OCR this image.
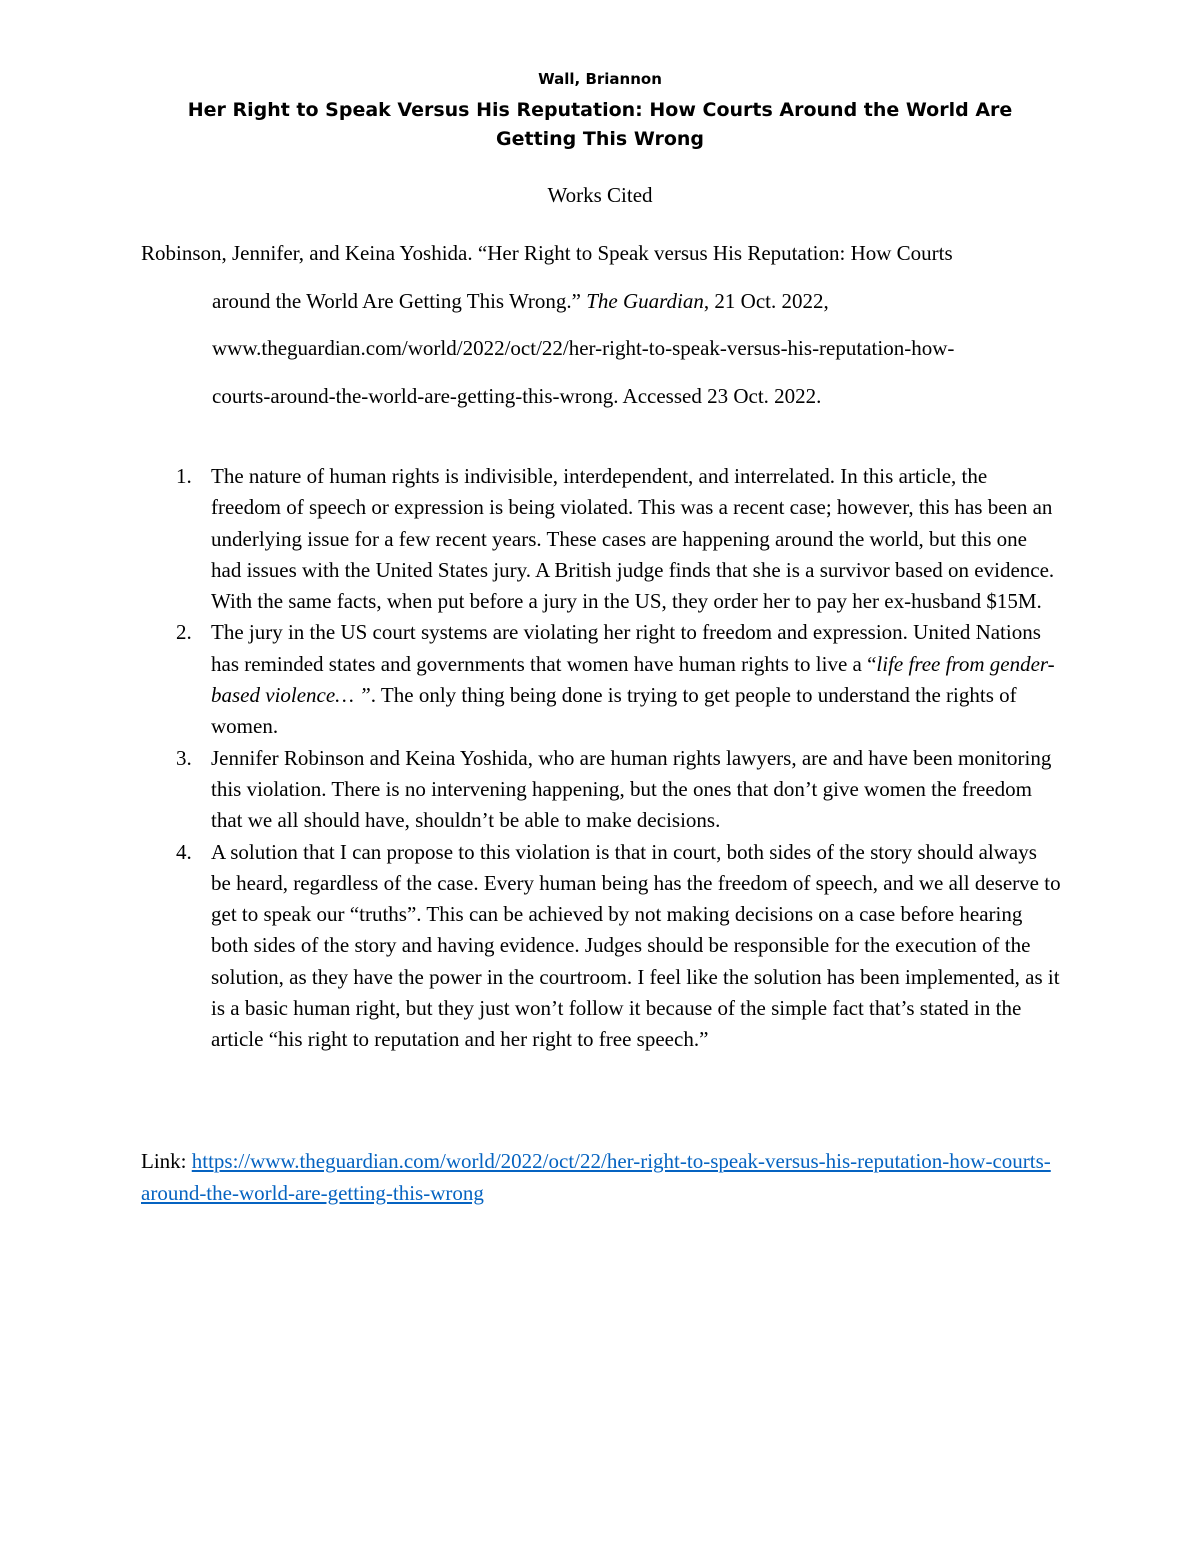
Wall, Briannon
Her Right to Speak Versus His Reputation: How Courts Around the World Are Getting This Wrong
Works Cited
Robinson, Jennifer, and Keina Yoshida. “Her Right to Speak versus His Reputation: How Courts
around the World Are Getting This Wrong.” The Guardian, 21 Oct. 2022,
www.theguardian.com/world/2022/oct/22/her-right-to-speak-versus-his-reputation-how-
courts-around-the-world-are-getting-this-wrong. Accessed 23 Oct. 2022.
1. The nature of human rights is indivisible, interdependent, and interrelated. In this article, the freedom of speech or expression is being violated. This was a recent case; however, this has been an underlying issue for a few recent years. These cases are happening around the world, but this one had issues with the United States jury. A British judge finds that she is a survivor based on evidence. With the same facts, when put before a jury in the US, they order her to pay her ex-husband $15M.
2. The jury in the US court systems are violating her right to freedom and expression. United Nations has reminded states and governments that women have human rights to live a “life free from gender-based violence… ”. The only thing being done is trying to get people to understand the rights of women.
3. Jennifer Robinson and Keina Yoshida, who are human rights lawyers, are and have been monitoring this violation. There is no intervening happening, but the ones that don’t give women the freedom that we all should have, shouldn’t be able to make decisions.
4. A solution that I can propose to this violation is that in court, both sides of the story should always be heard, regardless of the case. Every human being has the freedom of speech, and we all deserve to get to speak our “truths”. This can be achieved by not making decisions on a case before hearing both sides of the story and having evidence. Judges should be responsible for the execution of the solution, as they have the power in the courtroom. I feel like the solution has been implemented, as it is a basic human right, but they just won’t follow it because of the simple fact that’s stated in the article “his right to reputation and her right to free speech.”
Link: https://www.theguardian.com/world/2022/oct/22/her-right-to-speak-versus-his-reputation-how-courts-around-the-world-are-getting-this-wrong
